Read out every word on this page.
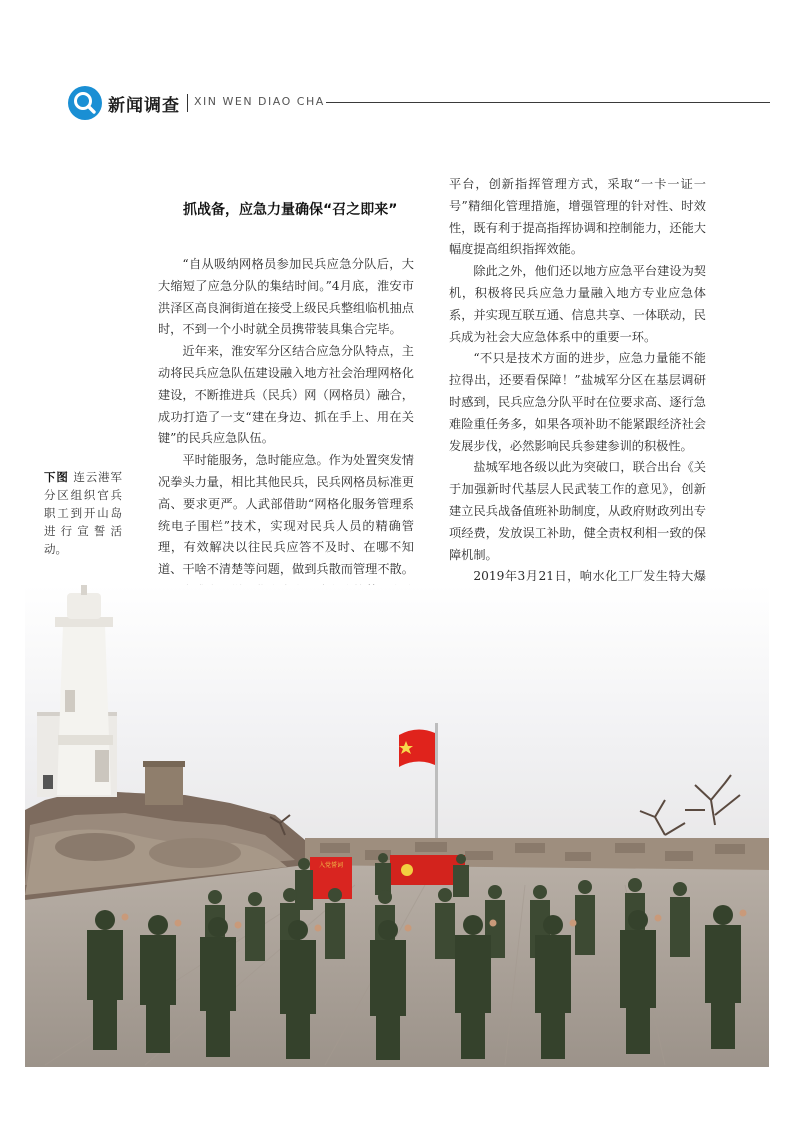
新闻调查 XIN WEN DIAO CHA
抓战备，应急力量确保“召之即来”

“自从吸纳网格员参加民兵应急分队后，大大缩短了应急分队的集结时间。”4月底，淮安市洪泽区高良涧街道在接受上级民兵整组临机抽点时，不到一个小时就全员携带装具集合完毕。

近年来，淮安军分区结合应急分队特点，主动将民兵应急队伍建设融入地方社会治理网格化建设，不断推进兵（民兵）网（网格员）融合，成功打造了一支“建在身边、抓在手上、用在关键”的民兵应急队伍。

平时能服务，急时能应急。作为处置突发情况拳头力量，相比其他民兵，民兵网格员标准更高、要求更严。人武部借助“网格化服务管理系统电子围栏”技术，实现对民兵人员的精确管理，有效解决以往民兵应答不及时、在哪不知道、干啥不清楚等问题，做到兵散而管理不散。

平台，创新指挥管理方式，采取“一卡一证一号”精细化管理措施，增强管理的针对性、时效性，既有利于提高指挥协调和控制能力，还能大幅度提高组织指挥效能。

除此之外，他们还以地方应急平台建设为契机，积极将民兵应急力量融入地方专业应急体系，并实现互联互通、信息共享、一体联动，民兵成为社会大应急体系中的重要一环。

“不只是技术方面的进步，应急力量能不能拉得出，还要看保障！”盐城军分区在基层调研时感到，民兵应急分队平时在位要求高、逐行急难险重任务多，如果各项补助不能紧跟经济社会发展步伐，必然影响民兵参建参训的积极性。

盐城军地各级以此为突破口，联合出台《关于加强新时代基层人民武装工作的意见》，创新建立民兵战备值班补助制度，从政府财政列出专项经费，发放误工补助，健全责权利相一致的保障机制。

2019年3月21日，响水化工厂发生特大爆

下图 连云港军分区组织官兵职工到开山岛进行宣誓活动。
入党誓词
